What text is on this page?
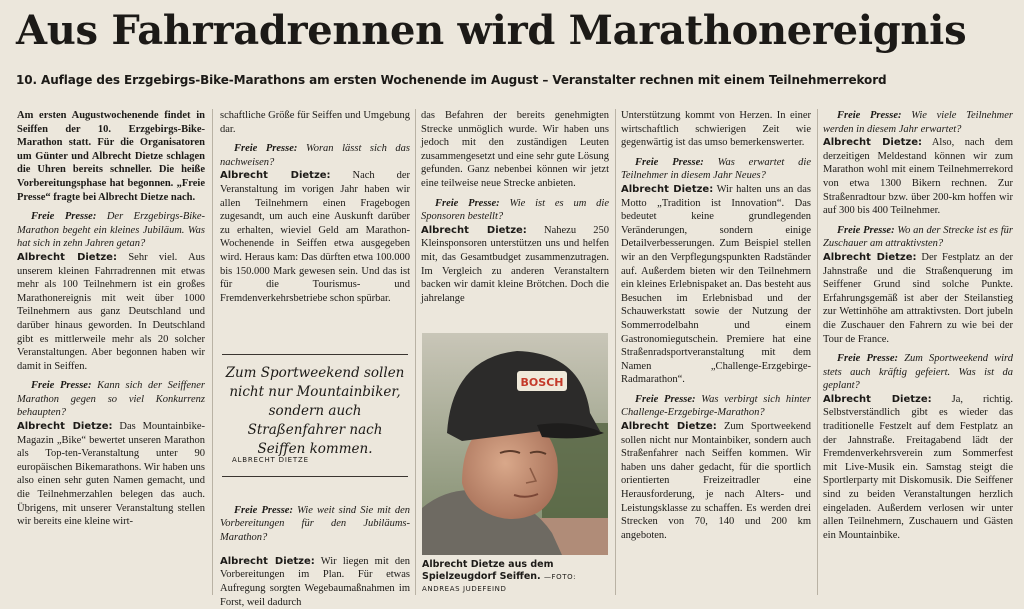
Aus Fahrradrennen wird Marathonereignis
10. Auflage des Erzgebirgs-Bike-Marathons am ersten Wochenende im August – Veranstalter rechnen mit einem Teilnehmerrekord

Am ersten Augustwochenende findet in Seiffen der 10. Erzgebirgs-Bike-Marathon statt. Für die Organisatoren um Günter und Albrecht Dietze schlagen die Uhren bereits schneller. Die heiße Vorbereitungsphase hat begonnen. „Freie Presse“ fragte bei Albrecht Dietze nach.

Freie Presse: Der Erzgebirgs-Bike-Marathon begeht ein kleines Jubiläum. Was hat sich in zehn Jahren getan?

Albrecht Dietze: Sehr viel. Aus unserem kleinen Fahrradrennen mit etwas mehr als 100 Teilnehmern ist ein großes Marathonereignis mit weit über 1000 Teilnehmern aus ganz Deutschland und darüber hinaus geworden. In Deutschland gibt es mittlerweile mehr als 20 solcher Veranstaltungen. Aber begonnen haben wir damit in Seiffen.

Freie Presse: Kann sich der Seiffener Marathon gegen so viel Konkurrenz behaupten?

Albrecht Dietze: Das Mountainbike-Magazin „Bike“ bewertet unseren Marathon als Top-ten-Veranstaltung unter 90 europäischen Bikemarathons. Wir haben uns also einen sehr guten Namen gemacht, und die Teilnehmerzahlen belegen das auch. Übrigens, mit unserer Veranstaltung stellen wir bereits eine kleine wirt-

schaftliche Größe für Seiffen und Umgebung dar.

Freie Presse: Woran lässt sich das nachweisen?

Albrecht Dietze: Nach der Veranstaltung im vorigen Jahr haben wir allen Teilnehmern einen Fragebogen zugesandt, um auch eine Auskunft darüber zu erhalten, wieviel Geld am Marathon-Wochenende in Seiffen etwa ausgegeben wird. Heraus kam: Das dürften etwa 100.000 bis 150.000 Mark gewesen sein. Und das ist für die Tourismus- und Fremdenverkehrsbetriebe schon spürbar.

Zum Sportweekend sollen nicht nur Mountainbiker, sondern auch Straßenfahrer nach Seiffen kommen.
ALBRECHT DIETZE

Freie Presse: Wie weit sind Sie mit den Vorbereitungen für den Jubiläums-Marathon?

Albrecht Dietze: Wir liegen mit den Vorbereitungen im Plan. Für etwas Aufregung sorgten Wegebaumaßnahmen im Forst, weil dadurch

das Befahren der bereits genehmigten Strecke unmöglich wurde. Wir haben uns jedoch mit den zuständigen Leuten zusammengesetzt und eine sehr gute Lösung gefunden. Ganz nebenbei können wir jetzt eine teilweise neue Strecke anbieten.

Freie Presse: Wie ist es um die Sponsoren bestellt?

Albrecht Dietze: Nahezu 250 Kleinsponsoren unterstützen uns und helfen mit, das Gesamtbudget zusammenzutragen. Im Vergleich zu anderen Veranstaltern backen wir damit kleine Brötchen. Doch die jahrelange

BOSCH
Albrecht Dietze aus dem Spielzeugdorf Seiffen. —FOTO: ANDREAS JUDEFEIND

Unterstützung kommt von Herzen. In einer wirtschaftlich schwierigen Zeit wie gegenwärtig ist das umso bemerkenswerter.

Freie Presse: Was erwartet die Teilnehmer in diesem Jahr Neues?

Albrecht Dietze: Wir halten uns an das Motto „Tradition ist Innovation“. Das bedeutet keine grundlegenden Veränderungen, sondern einige Detailverbesserungen. Zum Beispiel stellen wir an den Verpflegungspunkten Radständer auf. Außerdem bieten wir den Teilnehmern ein kleines Erlebnispaket an. Das besteht aus Besuchen im Erlebnisbad und der Schauwerkstatt sowie der Nutzung der Sommerrodelbahn und einem Gastronomiegutschein. Premiere hat eine Straßenradsportveranstaltung mit dem Namen „Challenge-Erzgebirge-Radmarathon“.

Freie Presse: Was verbirgt sich hinter Challenge-Erzgebirge-Marathon?

Albrecht Dietze: Zum Sportweekend sollen nicht nur Montainbiker, sondern auch Straßenfahrer nach Seiffen kommen. Wir haben uns daher gedacht, für die sportlich orientierten Freizeitradler eine Herausforderung, je nach Alters- und Leistungsklasse zu schaffen. Es werden drei Strecken von 70, 140 und 200 km angeboten.

Freie Presse: Wie viele Teilnehmer werden in diesem Jahr erwartet?

Albrecht Dietze: Also, nach dem derzeitigen Meldestand können wir zum Marathon wohl mit einem Teilnehmerrekord von etwa 1300 Bikern rechnen. Zur Straßenradtour bzw. über 200-km hoffen wir auf 300 bis 400 Teilnehmer.

Freie Presse: Wo an der Strecke ist es für Zuschauer am attraktivsten?

Albrecht Dietze: Der Festplatz an der Jahnstraße und die Straßenquerung im Seiffener Grund sind solche Punkte. Erfahrungsgemäß ist aber der Steilanstieg zur Wettinhöhe am attraktivsten. Dort jubeln die Zuschauer den Fahrern zu wie bei der Tour de France.

Freie Presse: Zum Sportweekend wird stets auch kräftig gefeiert. Was ist da geplant?

Albrecht Dietze: Ja, richtig. Selbstverständlich gibt es wieder das traditionelle Festzelt auf dem Festplatz an der Jahnstraße. Freitagabend lädt der Fremdenverkehrsverein zum Sommerfest mit Live-Musik ein. Samstag steigt die Sportlerparty mit Diskomusik. Die Seiffener sind zu beiden Veranstaltungen herzlich eingeladen. Außerdem verlosen wir unter allen Teilnehmern, Zuschauern und Gästen ein Mountainbike.
